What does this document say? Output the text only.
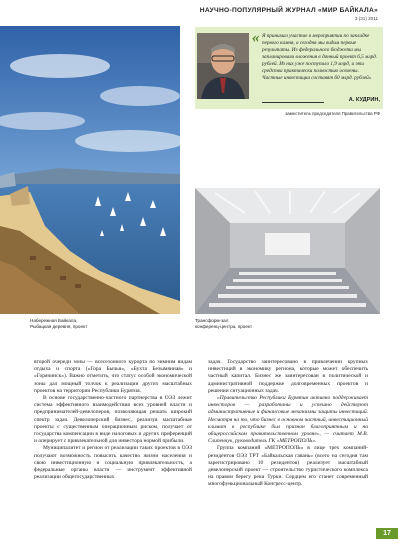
НАУЧНО-ПОПУЛЯРНЫЙ ЖУРНАЛ «МИР БАЙКАЛА»
3 (31) 2011
Набережная Байкала,
Рыбацкая деревня, проект
« Я принимал участие в мероприятии по закладке первого камня, а сегодня мы видим первые результаты. Из федерального бюджета мы запланировали вложения в данный проект 6,5 млрд. рублей. Из них уже поступило 1,9 млрд, и эти средства практически полностью освоены. Частные инвестиции составят 60 млрд. рублей»
А. КУДРИН,
заместитель председателя Правительства РФ
Трансформ-зал
конференц-центра, проект

второй очереди зоны — всесезонного курорта по зимним видам отдыха и спорта («Гора Бычья», «Бухта Безымянная» и «Горячинск»). Важно отметить, что статус особой экономической зоны дал мощный толчок к реализации других масштабных проектов на территории Республики Бурятия.

В основе государственно-частного партнерства в ОЭЗ лежит система эффективного взаимодействия всех уровней власти и предпринимателей-девелоперов, позволяющая решать широкий спектр задач. Девелоперский бизнес, реализуя масштабные проекты с существенным операционным риском, получает от государства компенсации в виде налоговых и других преференций и оперирует с привлекательной для инвестора нормой прибыли.

Муниципалитет и регион от реализации таких проектов в ОЭЗ получают возможность повысить качество жизни населения и свою инвестиционную и социальную привлекательность, а федеральные органы власти — инструмент эффективной реализации общегосударственных

задач. Государство заинтересовано в привлечении крупных инвестиций в экономику региона, которые может обеспечить частный капитал. Бизнес же заинтересован в политической и административной поддержке долговременных проектов и решении ситуационных задач.

«Правительство Республики Бурятия активно поддерживает инвесторов — разработаны и успешно действуют административные и финансовые механизмы защиты инвестиций. Несмотря на то, что бизнес в основном частный, инвестиционный климат в республике был признан благоприятным и на общероссийском правительственном уровне», — считает М.В. Слипенчук, руководитель ГК «МЕТРОПОЛЬ».

Группа компаний «МЕТРОПОЛЬ» в лице трех компаний-резидентов ОЭЗ ТРТ «Байкальская гавань» (всего на сегодня там зарегистрировано 10 резидентов) реализует масштабный девелоперский проект — строительство туристического комплекса на правом берегу реки Турки. Сердцем его станет современный многофункциональный Конгресс-центр.

17
